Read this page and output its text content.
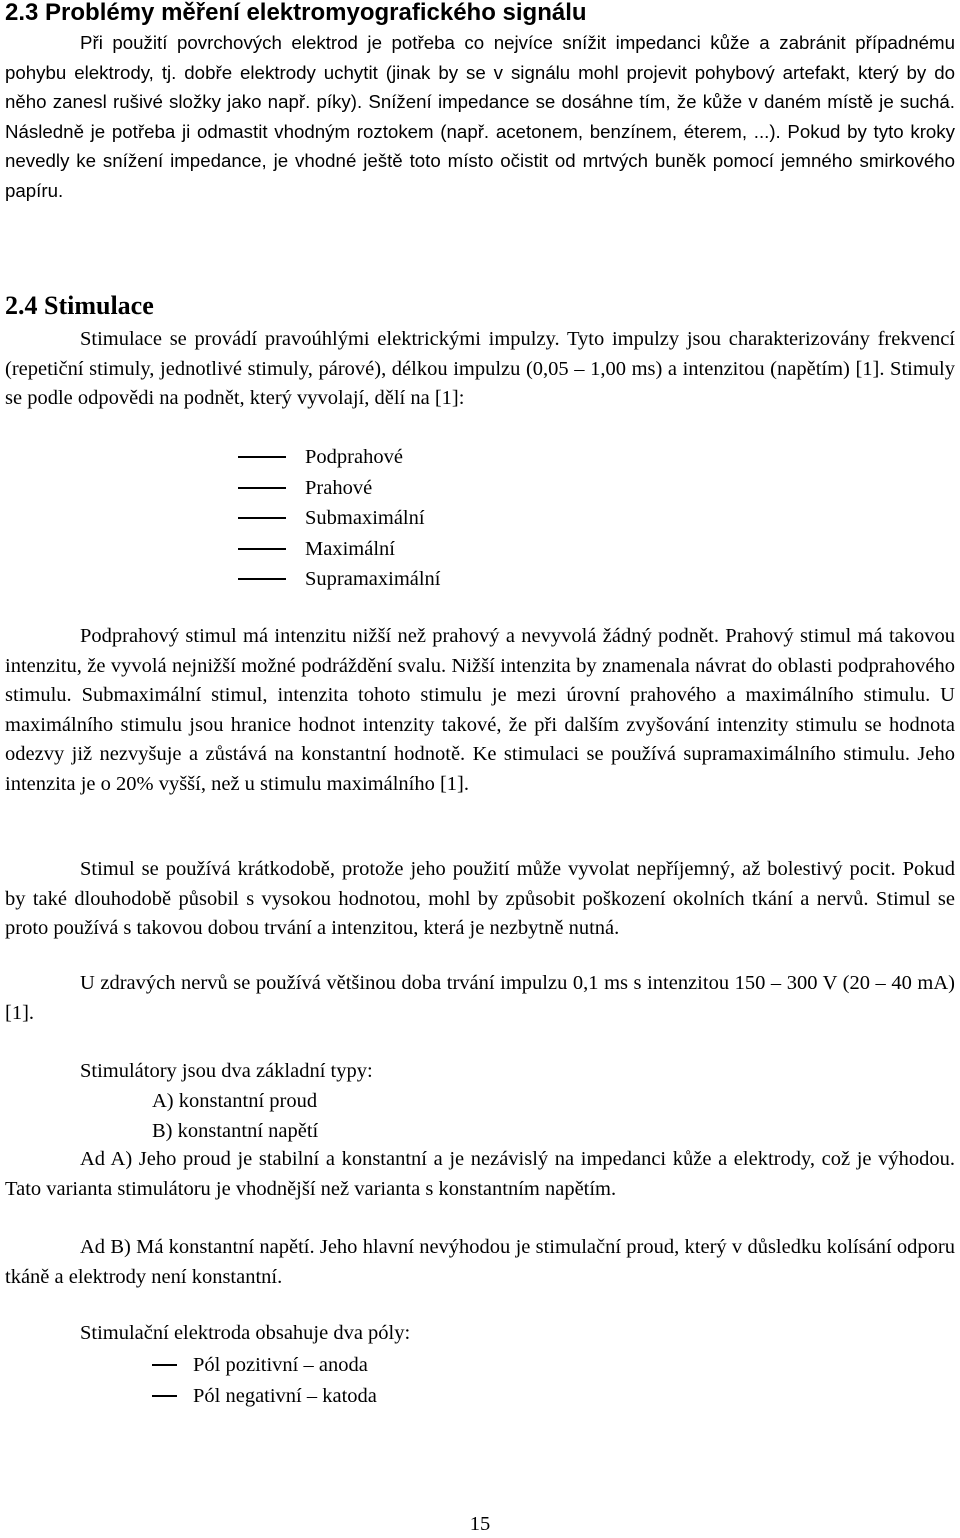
2.3 Problémy měření elektromyografického signálu

Při použití povrchových elektrod je potřeba co nejvíce snížit impedanci kůže a zabránit případnému pohybu elektrody, tj. dobře elektrody uchytit (jinak by se v signálu mohl projevit pohybový artefakt, který by do něho zanesl rušivé složky jako např. píky). Snížení impedance se dosáhne tím, že kůže v daném místě je suchá. Následně je potřeba ji odmastit vhodným roztokem (např. acetonem, benzínem, éterem, ...). Pokud by tyto kroky nevedly ke snížení impedance, je vhodné ještě toto místo očistit od mrtvých buněk pomocí jemného smirkového papíru.

2.4 Stimulace

Stimulace se provádí pravoúhlými elektrickými impulzy. Tyto impulzy jsou charakterizovány frekvencí (repetiční stimuly, jednotlivé stimuly, párové), délkou impulzu (0,05 – 1,00 ms) a intenzitou (napětím) [1]. Stimuly se podle odpovědi na podnět, který vyvolají, dělí na [1]:

Podprahové
Prahové
Submaximální
Maximální
Supramaximální

Podprahový stimul má intenzitu nižší než prahový a nevyvolá žádný podnět. Prahový stimul má takovou intenzitu, že vyvolá nejnižší možné podráždění svalu. Nižší intenzita by znamenala návrat do oblasti podprahového stimulu. Submaximální stimul, intenzita tohoto stimulu je mezi úrovní prahového a maximálního stimulu. U maximálního stimulu jsou hranice hodnot intenzity takové, že při dalším zvyšování intenzity stimulu se hodnota odezvy již nezvyšuje a zůstává na konstantní hodnotě. Ke stimulaci se používá supramaximálního stimulu. Jeho intenzita je o 20% vyšší, než u stimulu maximálního [1].

Stimul se používá krátkodobě, protože jeho použití může vyvolat nepříjemný, až bolestivý pocit. Pokud by také dlouhodobě působil s vysokou hodnotou, mohl by způsobit poškození okolních tkání a nervů. Stimul se proto používá s takovou dobou trvání a intenzitou, která je nezbytně nutná.

U zdravých nervů se používá většinou doba trvání impulzu 0,1 ms s intenzitou 150 – 300 V (20 – 40 mA) [1].

Stimulátory jsou dva základní typy:

A) konstantní proud
B) konstantní napětí

Ad A) Jeho proud je stabilní a konstantní a je nezávislý na impedanci kůže a elektrody, což je výhodou. Tato varianta stimulátoru je vhodnější než varianta s konstantním napětím.

Ad B) Má konstantní napětí. Jeho hlavní nevýhodou je stimulační proud, který v důsledku kolísání odporu tkáně a elektrody není konstantní.

Stimulační elektroda obsahuje dva póly:

Pól pozitivní – anoda
Pól negativní – katoda
15
